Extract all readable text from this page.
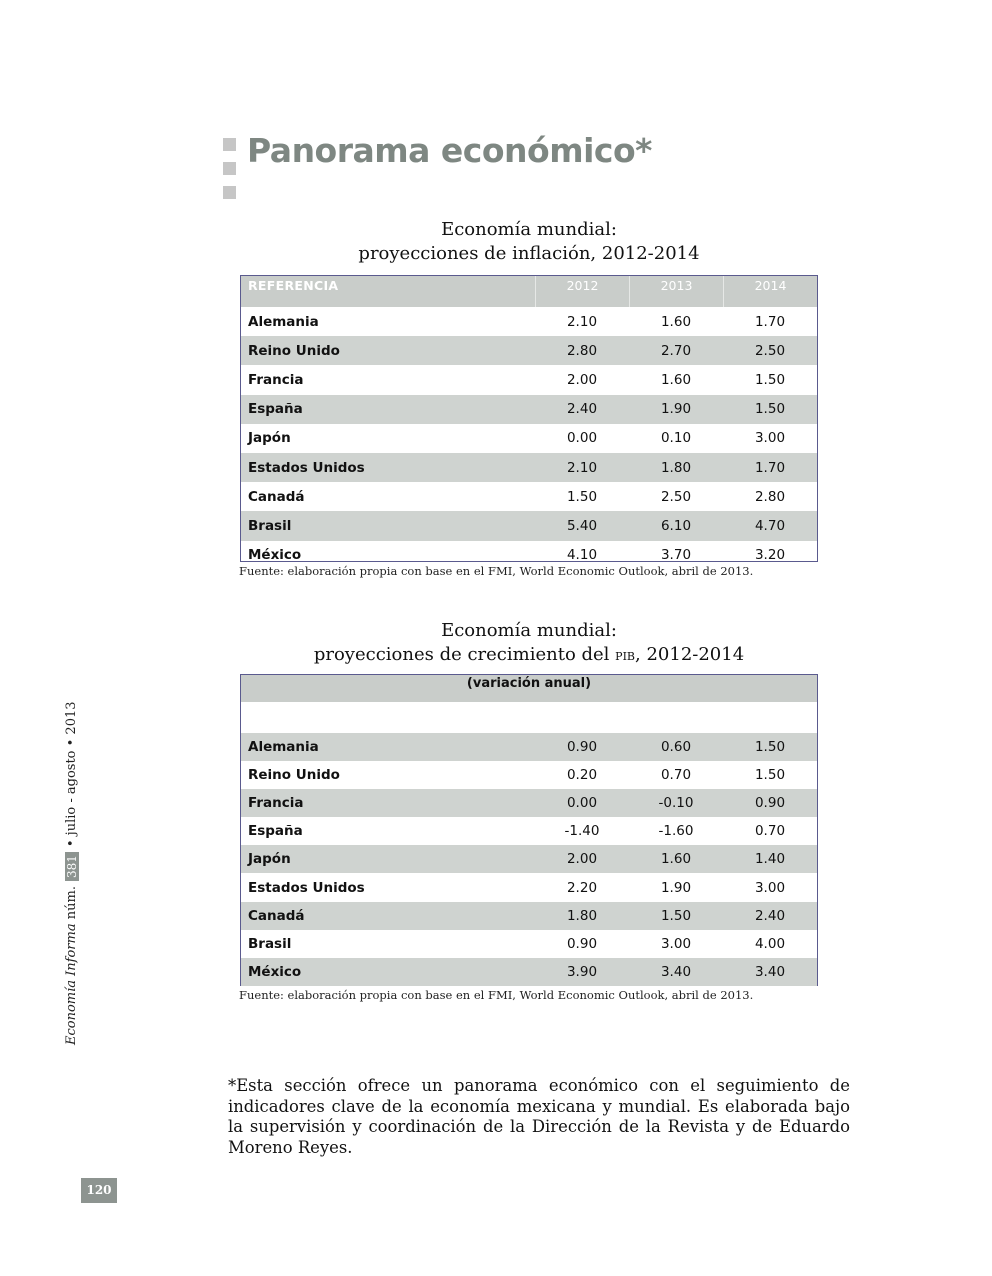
Panorama económico*
Economía mundial:
proyecciones de inflación, 2012-2014
REFERENCIA	2012	2013	2014
Alemania	2.10	1.60	1.70
Reino Unido	2.80	2.70	2.50
Francia	2.00	1.60	1.50
España	2.40	1.90	1.50
Japón	0.00	0.10	3.00
Estados Unidos	2.10	1.80	1.70
Canadá	1.50	2.50	2.80
Brasil	5.40	6.10	4.70
México	4.10	3.70	3.20

Fuente: elaboración propia con base en el FMI, World Economic Outlook, abril de 2013.

Economía mundial:
proyecciones de crecimiento del pib, 2012-2014
(variación anual)
Alemania	0.90	0.60	1.50
Reino Unido	0.20	0.70	1.50
Francia	0.00	-0.10	0.90
España	-1.40	-1.60	0.70
Japón	2.00	1.60	1.40
Estados Unidos	2.20	1.90	3.00
Canadá	1.80	1.50	2.40
Brasil	0.90	3.00	4.00
México	3.90	3.40	3.40

Fuente: elaboración propia con base en el FMI, World Economic Outlook, abril de 2013.

Economía Informa

núm.
381
• julio - agosto • 2013

*Esta sección ofrece un panorama económico con el seguimiento de indicadores clave de la economía mexicana y mundial. Es elaborada bajo la supervisión y coordinación de la Dirección de la Revista y de Eduardo Moreno Reyes.

120
